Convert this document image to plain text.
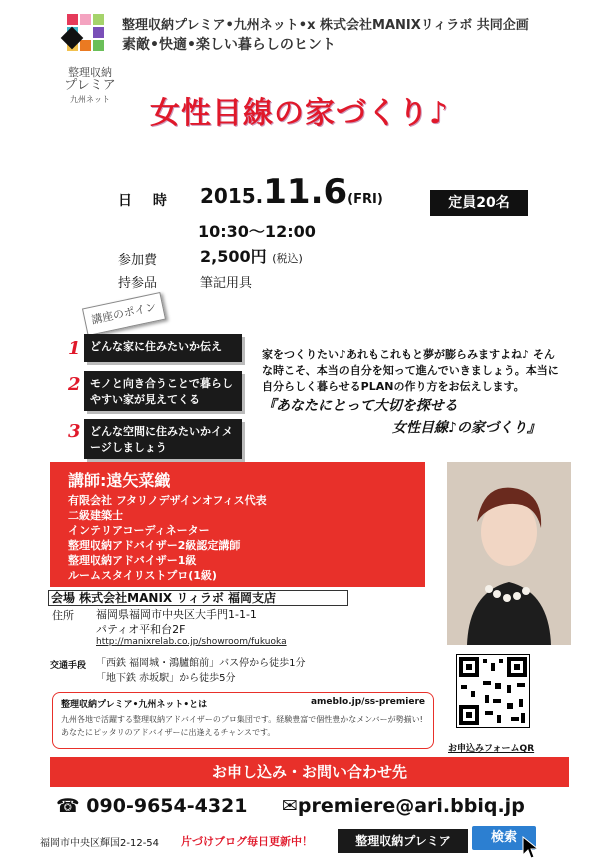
整理収納
プレミア
九州ネット
整理収納プレミア•九州ネット•x 株式会社MANIXリィラボ 共同企画
素敵•快適•楽しい暮らしのヒント
女性目線の家づくり♪
日 時 2015.11.6(FRI)
10:30〜12:00
参加費	2,500円 (税込)
持参品	筆記用具
定員20名
講座のポイン
1 どんな家に住みたいか伝え
2 モノと向き合うことで暮らしやすい家が見えてくる
3 どんな空間に住みたいかイメージしましょう
家をつくりたい♪あれもこれもと夢が膨らみますよね♪ そんな時こそ、本当の自分を知って進んでいきましょう。本当に自分らしく暮らせるPLANの作り方をお伝えします。
『あなたにとって大切を探せる
女性目線♪の家づくり』
講師:遠矢菜織
有限会社 フタリノデザインオフィス代表
二級建築士
インテリアコーディネーター
整理収納アドバイザー2級認定講師
整理収納アドバイザー1級
ルームスタイリストプロ(1級)
会場 株式会社MANIX リィラボ 福岡支店
住所 福岡県福岡市中央区大手門1-1-1
パティオ平和台2F
http://manixrelab.co.jp/showroom/fukuoka
交通手段 「西鉄 福岡城・鴻臚館前」バス停から徒歩1分
「地下鉄 赤坂駅」から徒歩5分
お申込みフォームQR
整理収納プレミア•九州ネット•とは	ameblo.jp/ss-premiere
九州各地で活躍する整理収納アドバイザーのプロ集団です。経験豊富で個性豊かなメンバーが勢揃い!あなたにピッタリのアドバイザーに出逢えるチャンスです。
お申し込み・お問い合わせ先
☎ 090-9654-4321 ✉premiere@ari.bbiq.jp
福岡市中央区輝国2-12-54 片づけブログ毎日更新中！	整理収納プレミア	検索
